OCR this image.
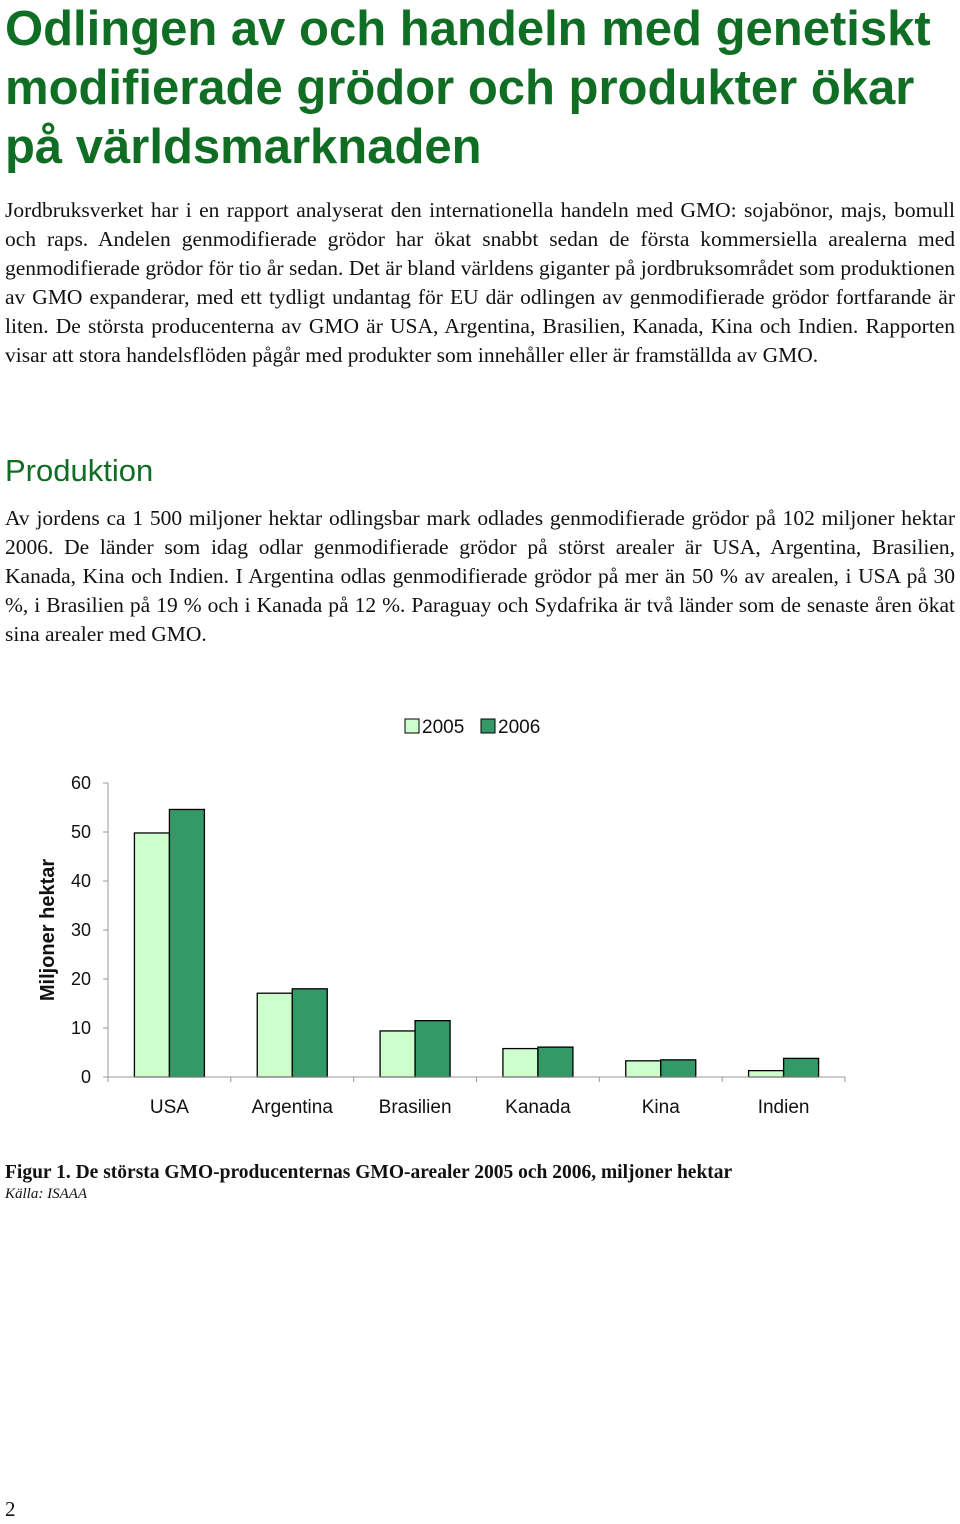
Odlingen av och handeln med genetiskt modifierade grödor och produkter ökar på världsmarknaden

Jordbruksverket har i en rapport analyserat den internationella handeln med GMO: sojabönor, majs, bomull och raps. Andelen genmodifierade grödor har ökat snabbt sedan de första kommersiella arealerna med genmodifierade grödor för tio år sedan. Det är bland världens giganter på jordbruksområdet som produktionen av GMO expanderar, med ett tydligt undantag för EU där odlingen av genmodifierade grödor fortfarande är liten. De största producenterna av GMO är USA, Argentina, Brasilien, Kanada, Kina och Indien. Rapporten visar att stora handelsflöden pågår med produkter som innehåller eller är framställda av GMO.

Produktion

Av jordens ca 1 500 miljoner hektar odlingsbar mark odlades genmodifierade grödor på 102 miljoner hektar 2006. De länder som idag odlar genmodifierade grödor på störst arealer är USA, Argentina, Brasilien, Kanada, Kina och Indien. I Argentina odlas genmodifierade grödor på mer än 50 % av arealen, i USA på 30 %, i Brasilien på 19 % och i Kanada på 12 %. Paraguay och Sydafrika är två länder som de senaste åren ökat sina arealer med GMO.

2005 2006
Miljoner hektar
0
10
20
30
40
50
60
USA	Argentina Brasilien	Kanada	Kina	Indien

Figur 1. De största GMO-producenternas GMO-arealer 2005 och 2006, miljoner hektar

Källa: ISAAA

2
